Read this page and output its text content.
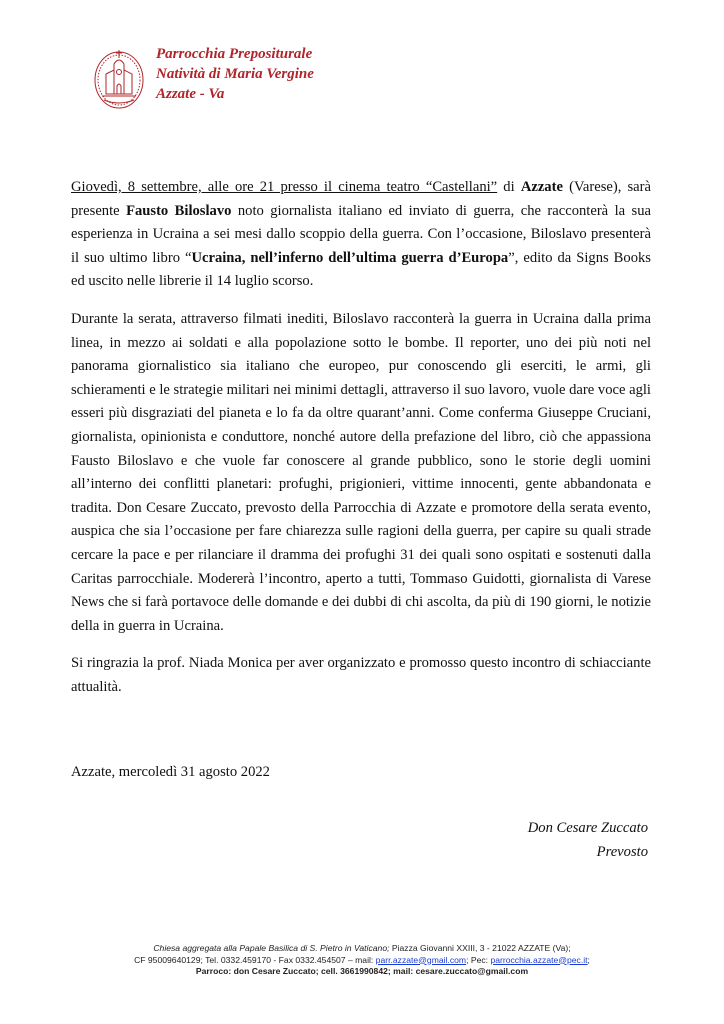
Parrocchia Prepositurale
Natività di Maria Vergine
Azzate - Va

Giovedì, 8 settembre, alle ore 21 presso il cinema teatro “Castellani” di Azzate (Varese), sarà presente Fausto Biloslavo noto giornalista italiano ed inviato di guerra, che racconterà la sua esperienza in Ucraina a sei mesi dallo scoppio della guerra. Con l’occasione, Biloslavo presenterà il suo ultimo libro “Ucraina, nell’inferno dell’ultima guerra d’Europa”, edito da Signs Books ed uscito nelle librerie il 14 luglio scorso.

Durante la serata, attraverso filmati inediti, Biloslavo racconterà la guerra in Ucraina dalla prima linea, in mezzo ai soldati e alla popolazione sotto le bombe. Il reporter, uno dei più noti nel panorama giornalistico sia italiano che europeo, pur conoscendo gli eserciti, le armi, gli schieramenti e le strategie militari nei minimi dettagli, attraverso il suo lavoro, vuole dare voce agli esseri più disgraziati del pianeta e lo fa da oltre quarant’anni. Come conferma Giuseppe Cruciani, giornalista, opinionista e conduttore, nonché autore della prefazione del libro, ciò che appassiona Fausto Biloslavo e che vuole far conoscere al grande pubblico, sono le storie degli uomini all’interno dei conflitti planetari: profughi, prigionieri, vittime innocenti, gente abbandonata e tradita. Don Cesare Zuccato, prevosto della Parrocchia di Azzate e promotore della serata evento, auspica che sia l’occasione per fare chiarezza sulle ragioni della guerra, per capire su quali strade cercare la pace e per rilanciare il dramma dei profughi 31 dei quali sono ospitati e sostenuti dalla Caritas parrocchiale. Modererà l’incontro, aperto a tutti, Tommaso Guidotti, giornalista di Varese News che si farà portavoce delle domande e dei dubbi di chi ascolta, da più di 190 giorni, le notizie della in guerra in Ucraina.

Si ringrazia la prof. Niada Monica per aver organizzato e promosso questo incontro di schiacciante attualità.

Azzate, mercoledì 31 agosto 2022
Don Cesare Zuccato
Prevosto
Chiesa aggregata alla Papale Basilica di S. Pietro in Vaticano; Piazza Giovanni XXIII, 3 - 21022 AZZATE (Va);
CF 95009640129; Tel. 0332.459170 - Fax 0332.454507 – mail: parr.azzate@gmail.com; Pec: parrocchia.azzate@pec.it;
Parroco: don Cesare Zuccato; cell. 3661990842; mail: cesare.zuccato@gmail.com
